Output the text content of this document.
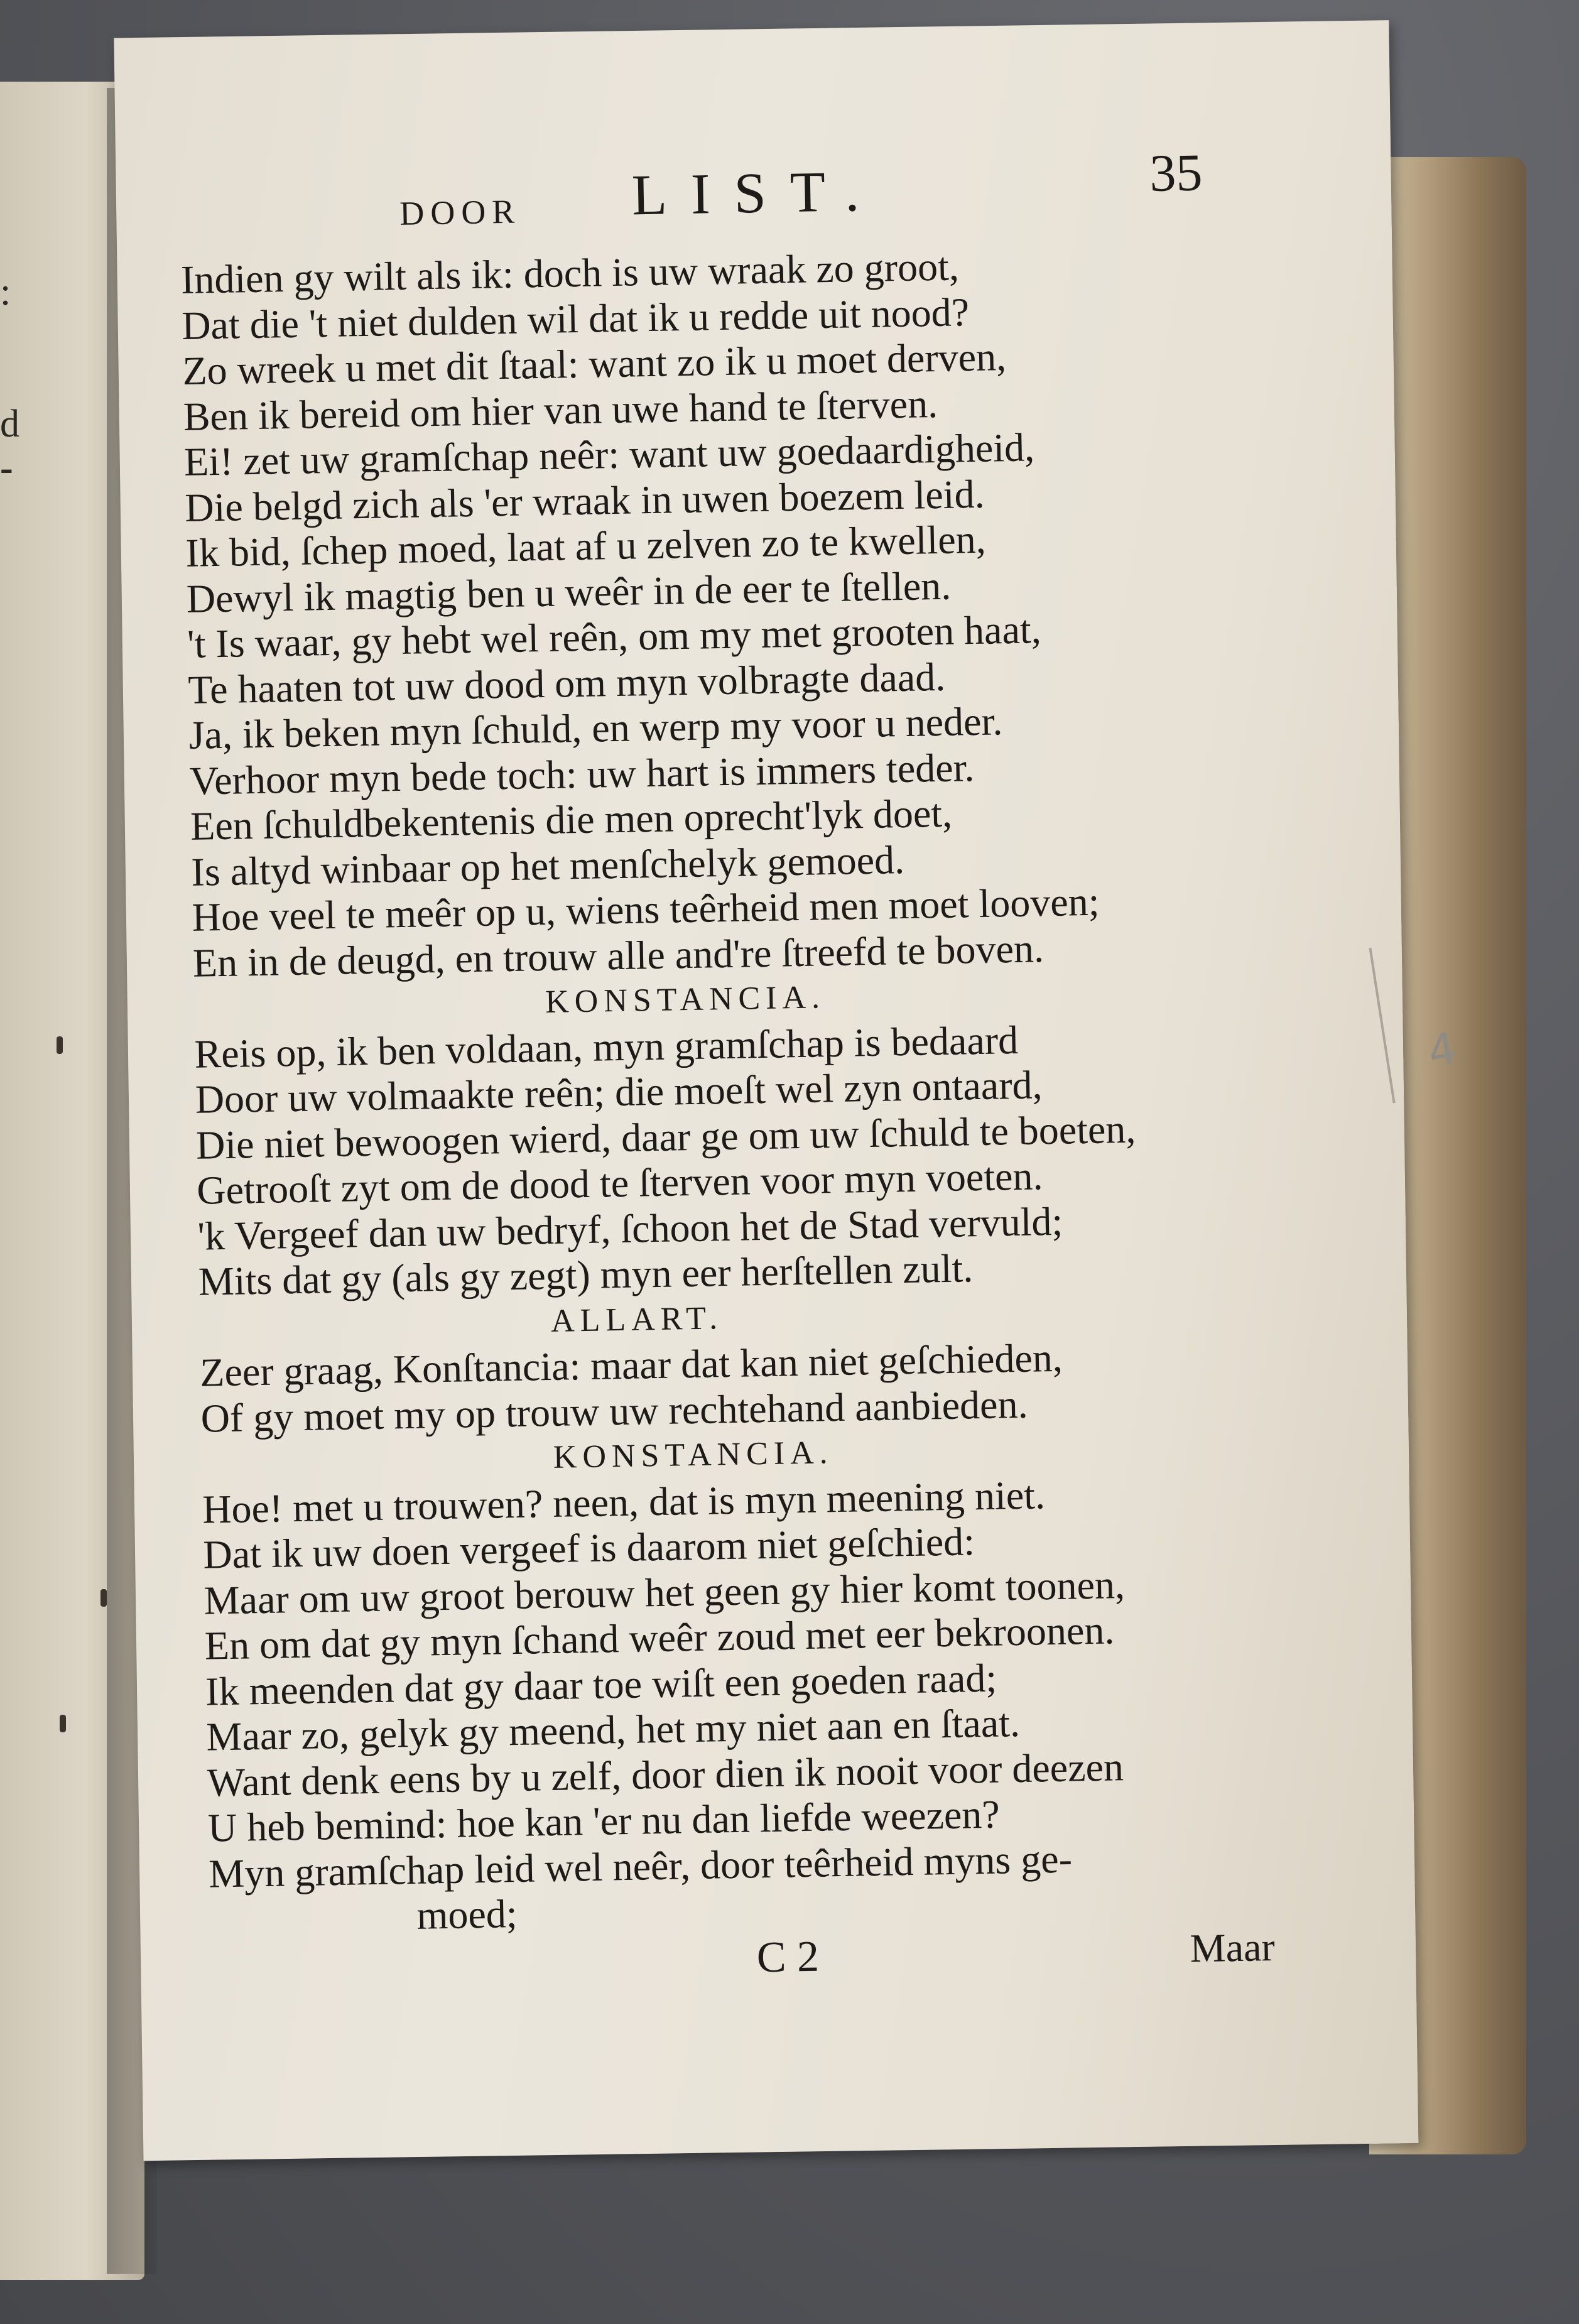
:
d
-
4
DOOR LIST.	35
Indien gy wilt als ik: doch is uw wraak zo groot,
Dat die 't niet dulden wil dat ik u redde uit nood?
Zo wreek u met dit ſtaal: want zo ik u moet derven,
Ben ik bereid om hier van uwe hand te ſterven.
Ei! zet uw gramſchap neêr: want uw goedaardigheid,
Die belgd zich als 'er wraak in uwen boezem leid.
Ik bid, ſchep moed, laat af u zelven zo te kwellen,
Dewyl ik magtig ben u weêr in de eer te ſtellen.
't Is waar, gy hebt wel reên, om my met grooten haat,
Te haaten tot uw dood om myn volbragte daad.
Ja, ik beken myn ſchuld, en werp my voor u neder.
Verhoor myn bede toch: uw hart is immers teder.
Een ſchuldbekentenis die men oprecht'lyk doet,
Is altyd winbaar op het menſchelyk gemoed.
Hoe veel te meêr op u, wiens teêrheid men moet looven;
En in de deugd, en trouw alle and're ſtreefd te boven.
KONSTANCIA.
Reis op, ik ben voldaan, myn gramſchap is bedaard
Door uw volmaakte reên; die moeſt wel zyn ontaard,
Die niet bewoogen wierd, daar ge om uw ſchuld te boeten,
Getrooſt zyt om de dood te ſterven voor myn voeten.
'k Vergeef dan uw bedryf, ſchoon het de Stad vervuld;
Mits dat gy (als gy zegt) myn eer herſtellen zult.
ALLART.
Zeer graag, Konſtancia: maar dat kan niet geſchieden,
Of gy moet my op trouw uw rechtehand aanbieden.
KONSTANCIA.
Hoe! met u trouwen? neen, dat is myn meening niet.
Dat ik uw doen vergeef is daarom niet geſchied:
Maar om uw groot berouw het geen gy hier komt toonen,
En om dat gy myn ſchand weêr zoud met eer bekroonen.
Ik meenden dat gy daar toe wiſt een goeden raad;
Maar zo, gelyk gy meend, het my niet aan en ſtaat.
Want denk eens by u zelf, door dien ik nooit voor deezen
U heb bemind: hoe kan 'er nu dan liefde weezen?
Myn gramſchap leid wel neêr, door teêrheid myns ge-
moed;
C 2	Maar
